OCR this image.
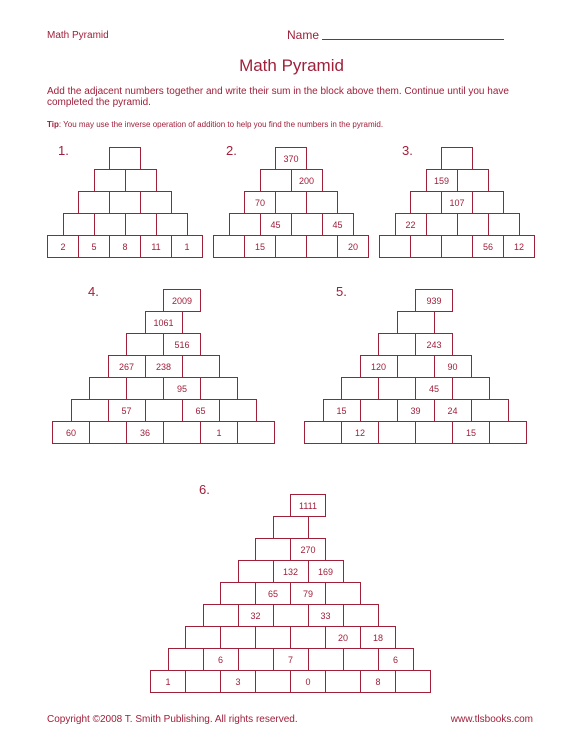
Math Pyramid	Name
Math Pyramid
Add the adjacent numbers together and write their sum in the block above them. Continue until you have completed the pyramid.
Tip: You may use the inverse operation of addition to help you find the numbers in the pyramid.
1.
2	5	8	11	1
2.
15	20
45	45
70
200
370
3.
56	12
22
107
159
4.
60	36	1
57	65
95
267	238
516
1061
2009
5.
12	15
15	39	24
45
120	90
243
939
6.
1	3	0	8
6	7	6
20	18
32	33
65	79
132	169
270
1111
Copyright ©2008 T. Smith Publishing. All rights reserved.	www.tlsbooks.com
